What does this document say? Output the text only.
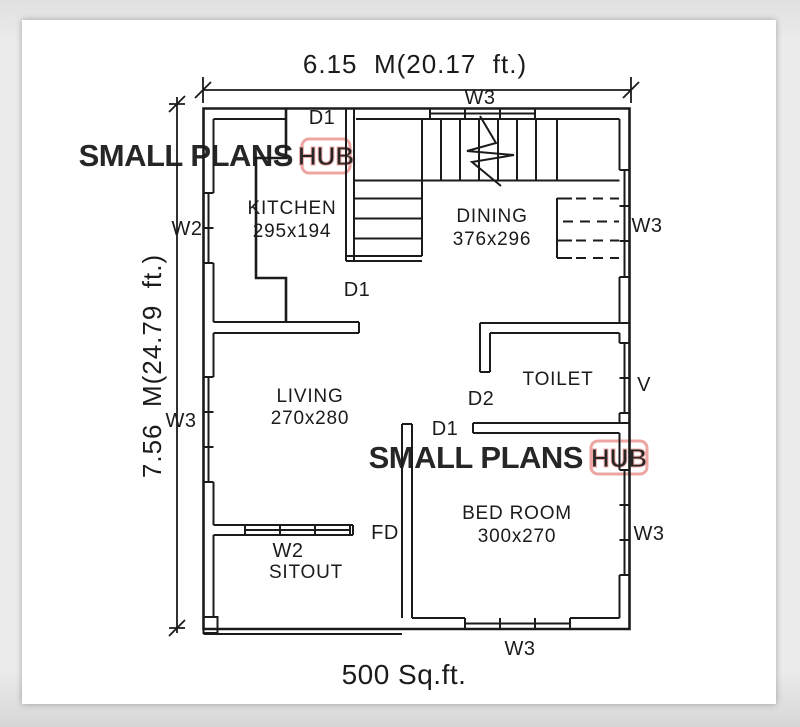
SMALL PLANS HUB
SMALL PLANS HUB
6.15  M(20.17  ft.)
7.56  M(24.79  ft.)
D1
D1
D1
D2
FD
W3
W2
W3
W3
V
W3
W3
W2
KITCHEN
295x194
DINING
376x296
LIVING
270x280
TOILET
BED ROOM
300x270
SITOUT
500 Sq.ft.
